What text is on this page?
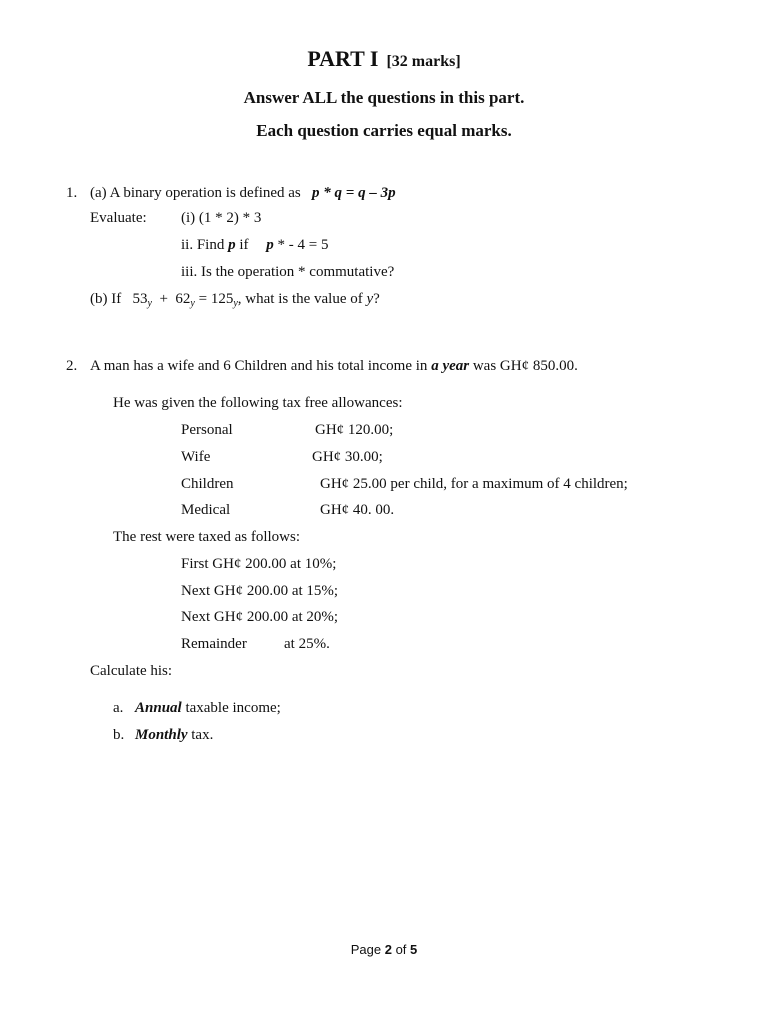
PART I [32 marks]
Answer ALL the questions in this part.
Each question carries equal marks.
1. (a) A binary operation is defined as p * q = q – 3p
Evaluate: (i) (1 * 2) * 3
ii. Find p if p * - 4 = 5
iii. Is the operation * commutative?
(b) If $53_y + 62_y = 125_y$, what is the value of y?
2. A man has a wife and 6 Children and his total income in a year was GH¢ 850.00.
He was given the following tax free allowances:
Personal	GH¢ 120.00;
Wife	GH¢ 30.00;
Children	GH¢ 25.00 per child, for a maximum of 4 children;
Medical	GH¢ 40. 00.
The rest were taxed as follows:
First GH¢ 200.00 at 10%;
Next GH¢ 200.00 at 15%;
Next GH¢ 200.00 at 20%;
Remainder at 25%.
Calculate his:
a. Annual taxable income;
b. Monthly tax.
Page 2 of 5
